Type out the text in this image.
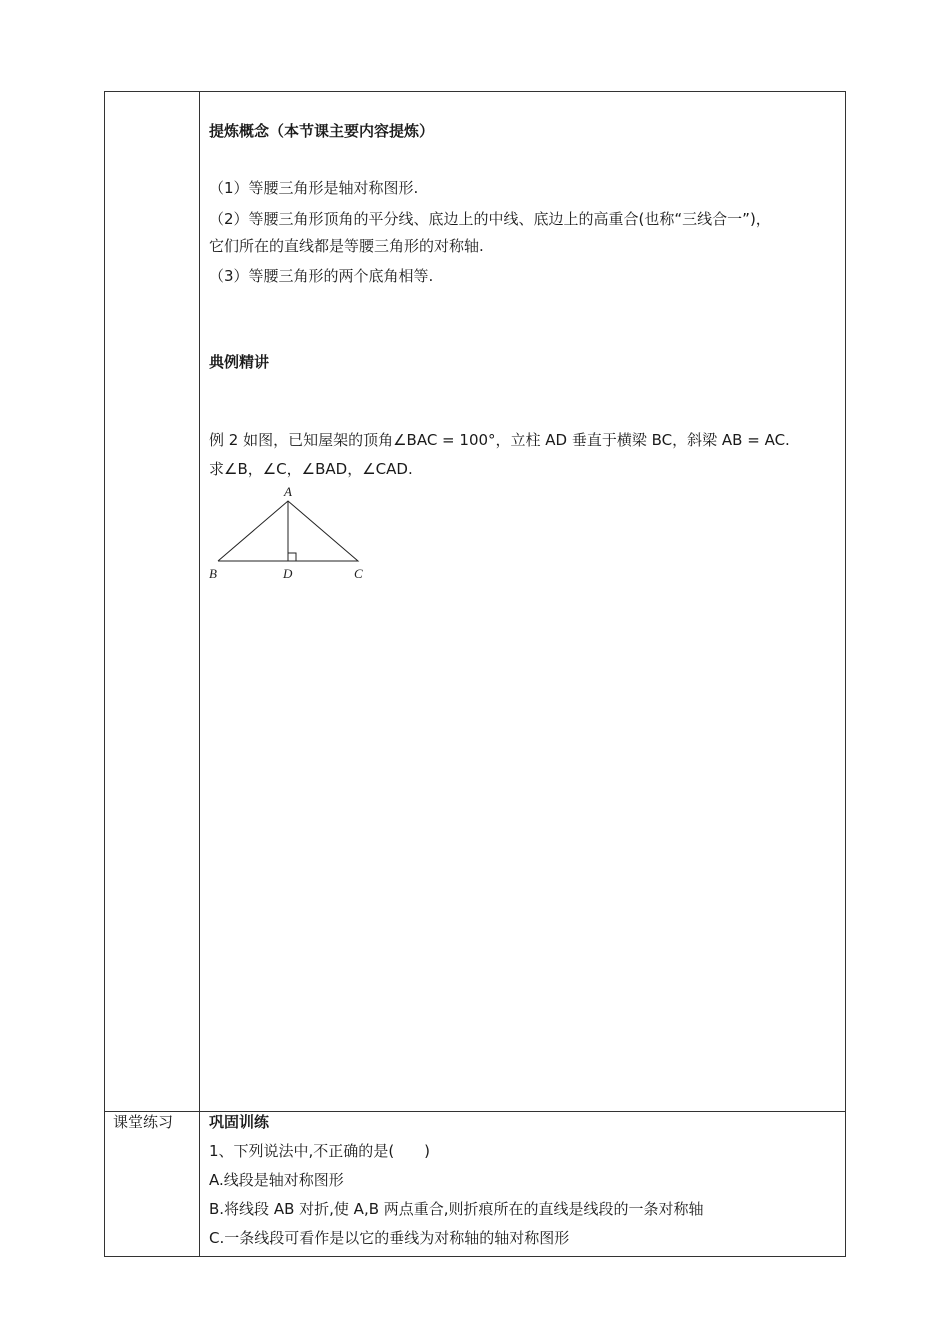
提炼概念（本节课主要内容提炼）
（1）等腰三角形是轴对称图形.
（2）等腰三角形顶角的平分线、底边上的中线、底边上的高重合(也称“三线合一”)，
它们所在的直线都是等腰三角形的对称轴.
（3）等腰三角形的两个底角相等.
典例精讲
例 2 如图，已知屋架的顶角∠BAC = 100°，立柱 AD 垂直于横梁 BC，斜梁 AB = AC.
求∠B，∠C，∠BAD，∠CAD.
A
B	D	C
课堂练习 巩固训练
1、下列说法中,不正确的是(　　)
A.线段是轴对称图形
B.将线段 AB 对折,使 A,B 两点重合,则折痕所在的直线是线段的一条对称轴
C.一条线段可看作是以它的垂线为对称轴的轴对称图形
